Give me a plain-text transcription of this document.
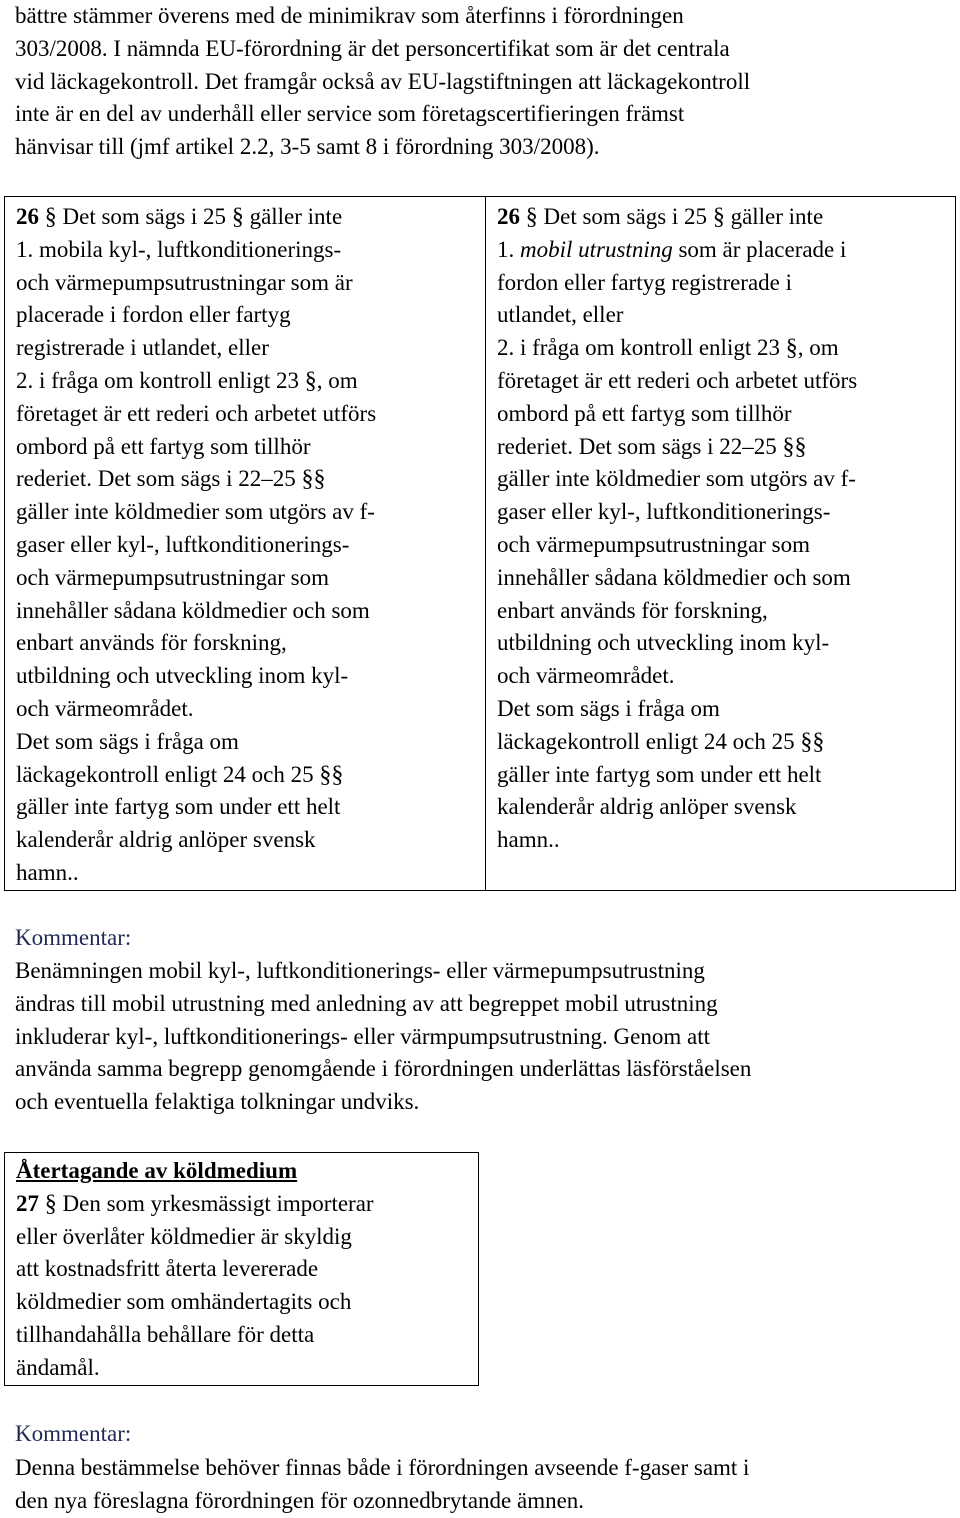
bättre stämmer överens med de minimikrav som återfinns i förordningen
303/2008. I nämnda EU-förordning är det personcertifikat som är det centrala
vid läckagekontroll. Det framgår också av EU-lagstiftningen att läckagekontroll
inte är en del av underhåll eller service som företagscertifieringen främst
hänvisar till (jmf artikel 2.2, 3-5 samt 8 i förordning 303/2008).
26 § Det som sägs i 25 § gäller inte
1. mobila kyl-, luftkonditionerings-
och värmepumpsutrustningar som är
placerade i fordon eller fartyg
registrerade i utlandet, eller
2. i fråga om kontroll enligt 23 §, om
företaget är ett rederi och arbetet utförs
ombord på ett fartyg som tillhör
rederiet. Det som sägs i 22–25 §§
gäller inte köldmedier som utgörs av f-
gaser eller kyl-, luftkonditionerings-
och värmepumpsutrustningar som
innehåller sådana köldmedier och som
enbart används för forskning,
utbildning och utveckling inom kyl-
och värmeområdet.
Det som sägs i fråga om
läckagekontroll enligt 24 och 25 §§
gäller inte fartyg som under ett helt
kalenderår aldrig anlöper svensk
hamn..

26 § Det som sägs i 25 § gäller inte
1. mobil utrustning som är placerade i
fordon eller fartyg registrerade i
utlandet, eller
2. i fråga om kontroll enligt 23 §, om
företaget är ett rederi och arbetet utförs
ombord på ett fartyg som tillhör
rederiet. Det som sägs i 22–25 §§
gäller inte köldmedier som utgörs av f-
gaser eller kyl-, luftkonditionerings-
och värmepumpsutrustningar som
innehåller sådana köldmedier och som
enbart används för forskning,
utbildning och utveckling inom kyl-
och värmeområdet.
Det som sägs i fråga om
läckagekontroll enligt 24 och 25 §§
gäller inte fartyg som under ett helt
kalenderår aldrig anlöper svensk
hamn..
Kommentar:
Benämningen mobil kyl-, luftkonditionerings- eller värmepumpsutrustning
ändras till mobil utrustning med anledning av att begreppet mobil utrustning
inkluderar kyl-, luftkonditionerings- eller värmpumpsutrustning. Genom att
använda samma begrepp genomgående i förordningen underlättas läsförståelsen
och eventuella felaktiga tolkningar undviks.
Återtagande av köldmedium
27 § Den som yrkesmässigt importerar
eller överlåter köldmedier är skyldig
att kostnadsfritt återta levererade
köldmedier som omhändertagits och
tillhandahålla behållare för detta
ändamål.
Kommentar:
Denna bestämmelse behöver finnas både i förordningen avseende f-gaser samt i
den nya föreslagna förordningen för ozonnedbrytande ämnen.
